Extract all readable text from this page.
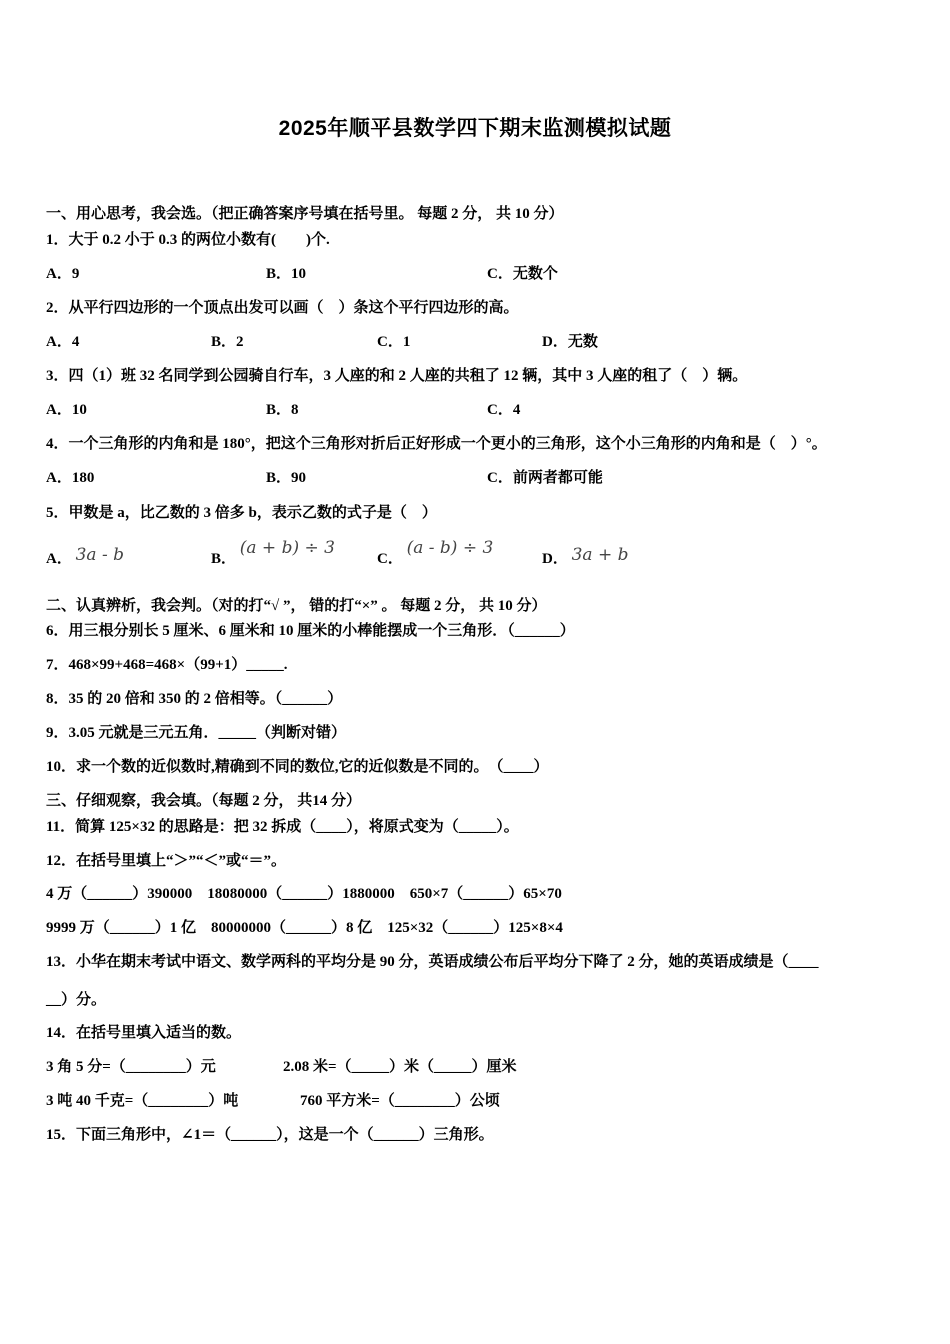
2025年顺平县数学四下期末监测模拟试题
一、用心思考，我会选。（把正确答案序号填在括号里。 每题 2 分， 共 10 分）
1．大于 0.2 小于 0.3 的两位小数有(　　)个.
A．9	B．10	C．无数个
2．从平行四边形的一个顶点出发可以画（　）条这个平行四边形的高。
A．4	B．2	C．1	D．无数
3．四（1）班 32 名同学到公园骑自行车，3 人座的和 2 人座的共租了 12 辆，其中 3 人座的租了（　）辆。
A．10	B．8	C．4
4．一个三角形的内角和是 180°，把这个三角形对折后正好形成一个更小的三角形，这个小三角形的内角和是（　）°。
A．180	B．90	C．前两者都可能
5．甲数是 a，比乙数的 3 倍多 b，表示乙数的式子是（　）
A． 3a - b	B． (a + b) ÷ 3
C． (a - b) ÷ 3
D． 3a + b
二、认真辨析，我会判。（对的打“√ ”， 错的打“×” 。 每题 2 分， 共 10 分）
6．用三根分别长 5 厘米、6 厘米和 10 厘米的小棒能摆成一个三角形．（______）
7．468×99+468=468×（99+1）_____.
8．35 的 20 倍和 350 的 2 倍相等。（______）
9．3.05 元就是三元五角．_____（判断对错）
10．求一个数的近似数时,精确到不同的数位,它的近似数是不同的。　（____）
三、仔细观察，我会填。（每题 2 分， 共14 分）
11．简算 125×32 的思路是：把 32 拆成（____），将原式变为（_____）。
12．在括号里填上“＞”“＜”或“＝”。
4 万（______）390000　18080000（______）1880000　650×7（______）65×70
9999 万（______）1 亿　80000000（______）8 亿　125×32（______）125×8×4
13．小华在期末考试中语文、数学两科的平均分是 90 分，英语成绩公布后平均分下降了 2 分，她的英语成绩是（____
__）分。
14．在括号里填入适当的数。
3 角 5 分=（________）元	2.08 米=（_____）米（_____）厘米
3 吨 40 千克=（________）吨	760 平方米=（________）公顷
15．下面三角形中，∠1＝（______），这是一个（______）三角形。
